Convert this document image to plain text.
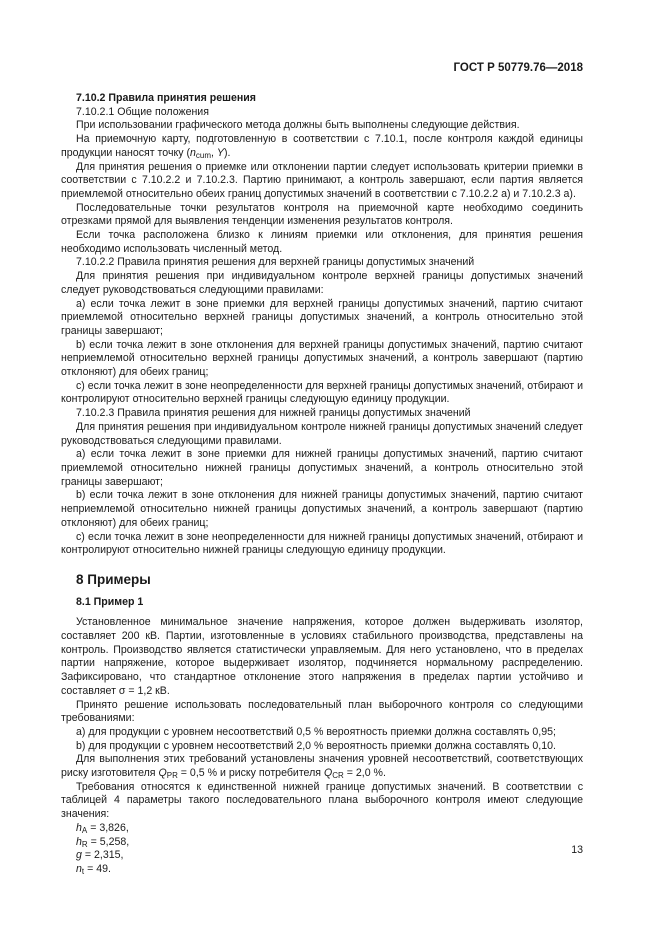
ГОСТ Р 50779.76—2018

7.10.2 Правила принятия решения

7.10.2.1 Общие положения

При использовании графического метода должны быть выполнены следующие действия.

На приемочную карту, подготовленную в соответствии с 7.10.1, после контроля каждой единицы продукции наносят точку ($n_{cum}$, Y).

Для принятия решения о приемке или отклонении партии следует использовать критерии приемки в соответствии с 7.10.2.2 и 7.10.2.3. Партию принимают, а контроль завершают, если партия является приемлемой относительно обеих границ допустимых значений в соответствии с 7.10.2.2 а) и 7.10.2.3 а).

Последовательные точки результатов контроля на приемочной карте необходимо соединить отрезками прямой для выявления тенденции изменения результатов контроля.

Если точка расположена близко к линиям приемки или отклонения, для принятия решения необходимо использовать численный метод.

7.10.2.2 Правила принятия решения для верхней границы допустимых значений

Для принятия решения при индивидуальном контроле верхней границы допустимых значений следует руководствоваться следующими правилами:

а) если точка лежит в зоне приемки для верхней границы допустимых значений, партию считают приемлемой относительно верхней границы допустимых значений, а контроль относительно этой границы завершают;

b) если точка лежит в зоне отклонения для верхней границы допустимых значений, партию считают неприемлемой относительно верхней границы допустимых значений, а контроль завершают (партию отклоняют) для обеих границ;

с) если точка лежит в зоне неопределенности для верхней границы допустимых значений, отбирают и контролируют относительно верхней границы следующую единицу продукции.

7.10.2.3 Правила принятия решения для нижней границы допустимых значений

Для принятия решения при индивидуальном контроле нижней границы допустимых значений следует руководствоваться следующими правилами.

а) если точка лежит в зоне приемки для нижней границы допустимых значений, партию считают приемлемой относительно нижней границы допустимых значений, а контроль относительно этой границы завершают;

b) если точка лежит в зоне отклонения для нижней границы допустимых значений, партию считают неприемлемой относительно нижней границы допустимых значений, а контроль завершают (партию отклоняют) для обеих границ;

с) если точка лежит в зоне неопределенности для нижней границы допустимых значений, отбирают и контролируют относительно нижней границы следующую единицу продукции.

8 Примеры

8.1 Пример 1

Установленное минимальное значение напряжения, которое должен выдерживать изолятор, составляет 200 кВ. Партии, изготовленные в условиях стабильного производства, представлены на контроль. Производство является статистически управляемым. Для него установлено, что в пределах партии напряжение, которое выдерживает изолятор, подчиняется нормальному распределению. Зафиксировано, что стандартное отклонение этого напряжения в пределах партии устойчиво и составляет σ = 1,2 кВ.

Принято решение использовать последовательный план выборочного контроля со следующими требованиями:

а) для продукции с уровнем несоответствий 0,5 % вероятность приемки должна составлять 0,95;

b) для продукции с уровнем несоответствий 2,0 % вероятность приемки должна составлять 0,10.

Для выполнения этих требований установлены значения уровней несоответствий, соответствующих риску изготовителя $Q_{PR} = 0,5$ % и риску потребителя $Q_{CR} = 2,0$ %.

Требования относятся к единственной нижней границе допустимых значений. В соответствии с таблицей 4 параметры такого последовательного плана выборочного контроля имеют следующие значения:

$h_A = 3,826$,

$h_R = 5,258$,

g = 2,315,

$n_t = 49$.

13
